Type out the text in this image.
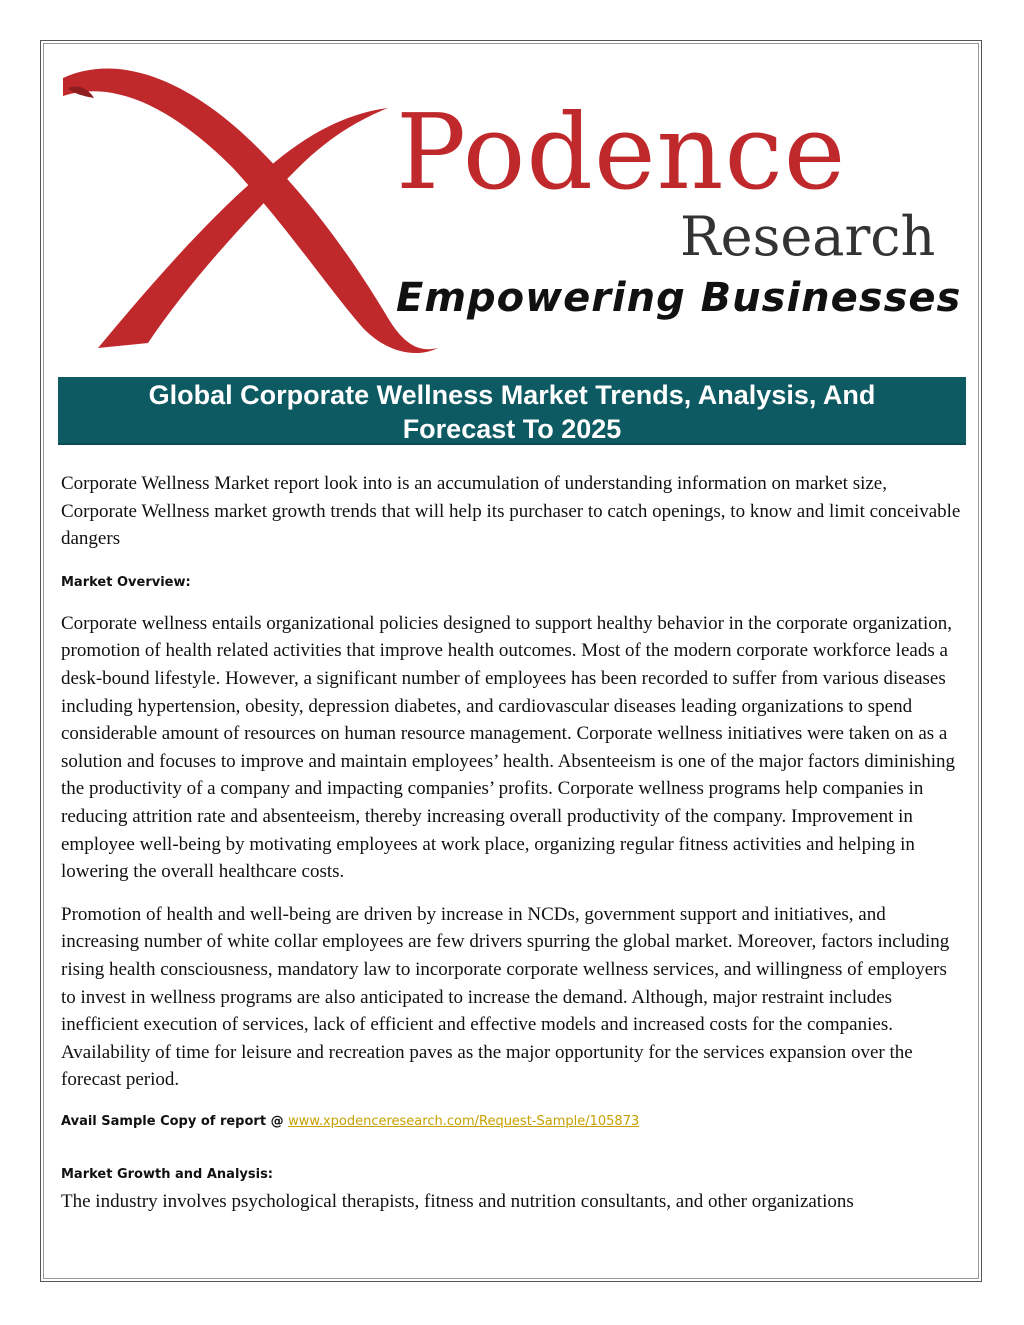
Podence
Research
Empowering Businesses
Global Corporate Wellness Market Trends, Analysis, And
Forecast To 2025

Corporate Wellness Market report look into is an accumulation of understanding information on market size, Corporate Wellness market growth trends that will help its purchaser to catch openings, to know and limit conceivable dangers

Market Overview:

Corporate wellness entails organizational policies designed to support healthy behavior in the corporate organization, promotion of health related activities that improve health outcomes. Most of the modern corporate workforce leads a desk-bound lifestyle. However, a significant number of employees has been recorded to suffer from various diseases including hypertension, obesity, depression diabetes, and cardiovascular diseases leading organizations to spend considerable amount of resources on human resource management. Corporate wellness initiatives were taken on as a solution and focuses to improve and maintain employees’ health. Absenteeism is one of the major factors diminishing the productivity of a company and impacting companies’ profits. Corporate wellness programs help companies in reducing attrition rate and absenteeism, thereby increasing overall productivity of the company. Improvement in employee well-being by motivating employees at work place, organizing regular fitness activities and helping in lowering the overall healthcare costs.

Promotion of health and well-being are driven by increase in NCDs, government support and initiatives, and increasing number of white collar employees are few drivers spurring the global market. Moreover, factors including rising health consciousness, mandatory law to incorporate corporate wellness services, and willingness of employers to invest in wellness programs are also anticipated to increase the demand. Although, major restraint includes inefficient execution of services, lack of efficient and effective models and increased costs for the companies. Availability of time for leisure and recreation paves as the major opportunity for the services expansion over the forecast period.

Avail Sample Copy of report @ www.xpodenceresearch.com/Request-Sample/105873

Market Growth and Analysis:

The industry involves psychological therapists, fitness and nutrition consultants, and other organizations
